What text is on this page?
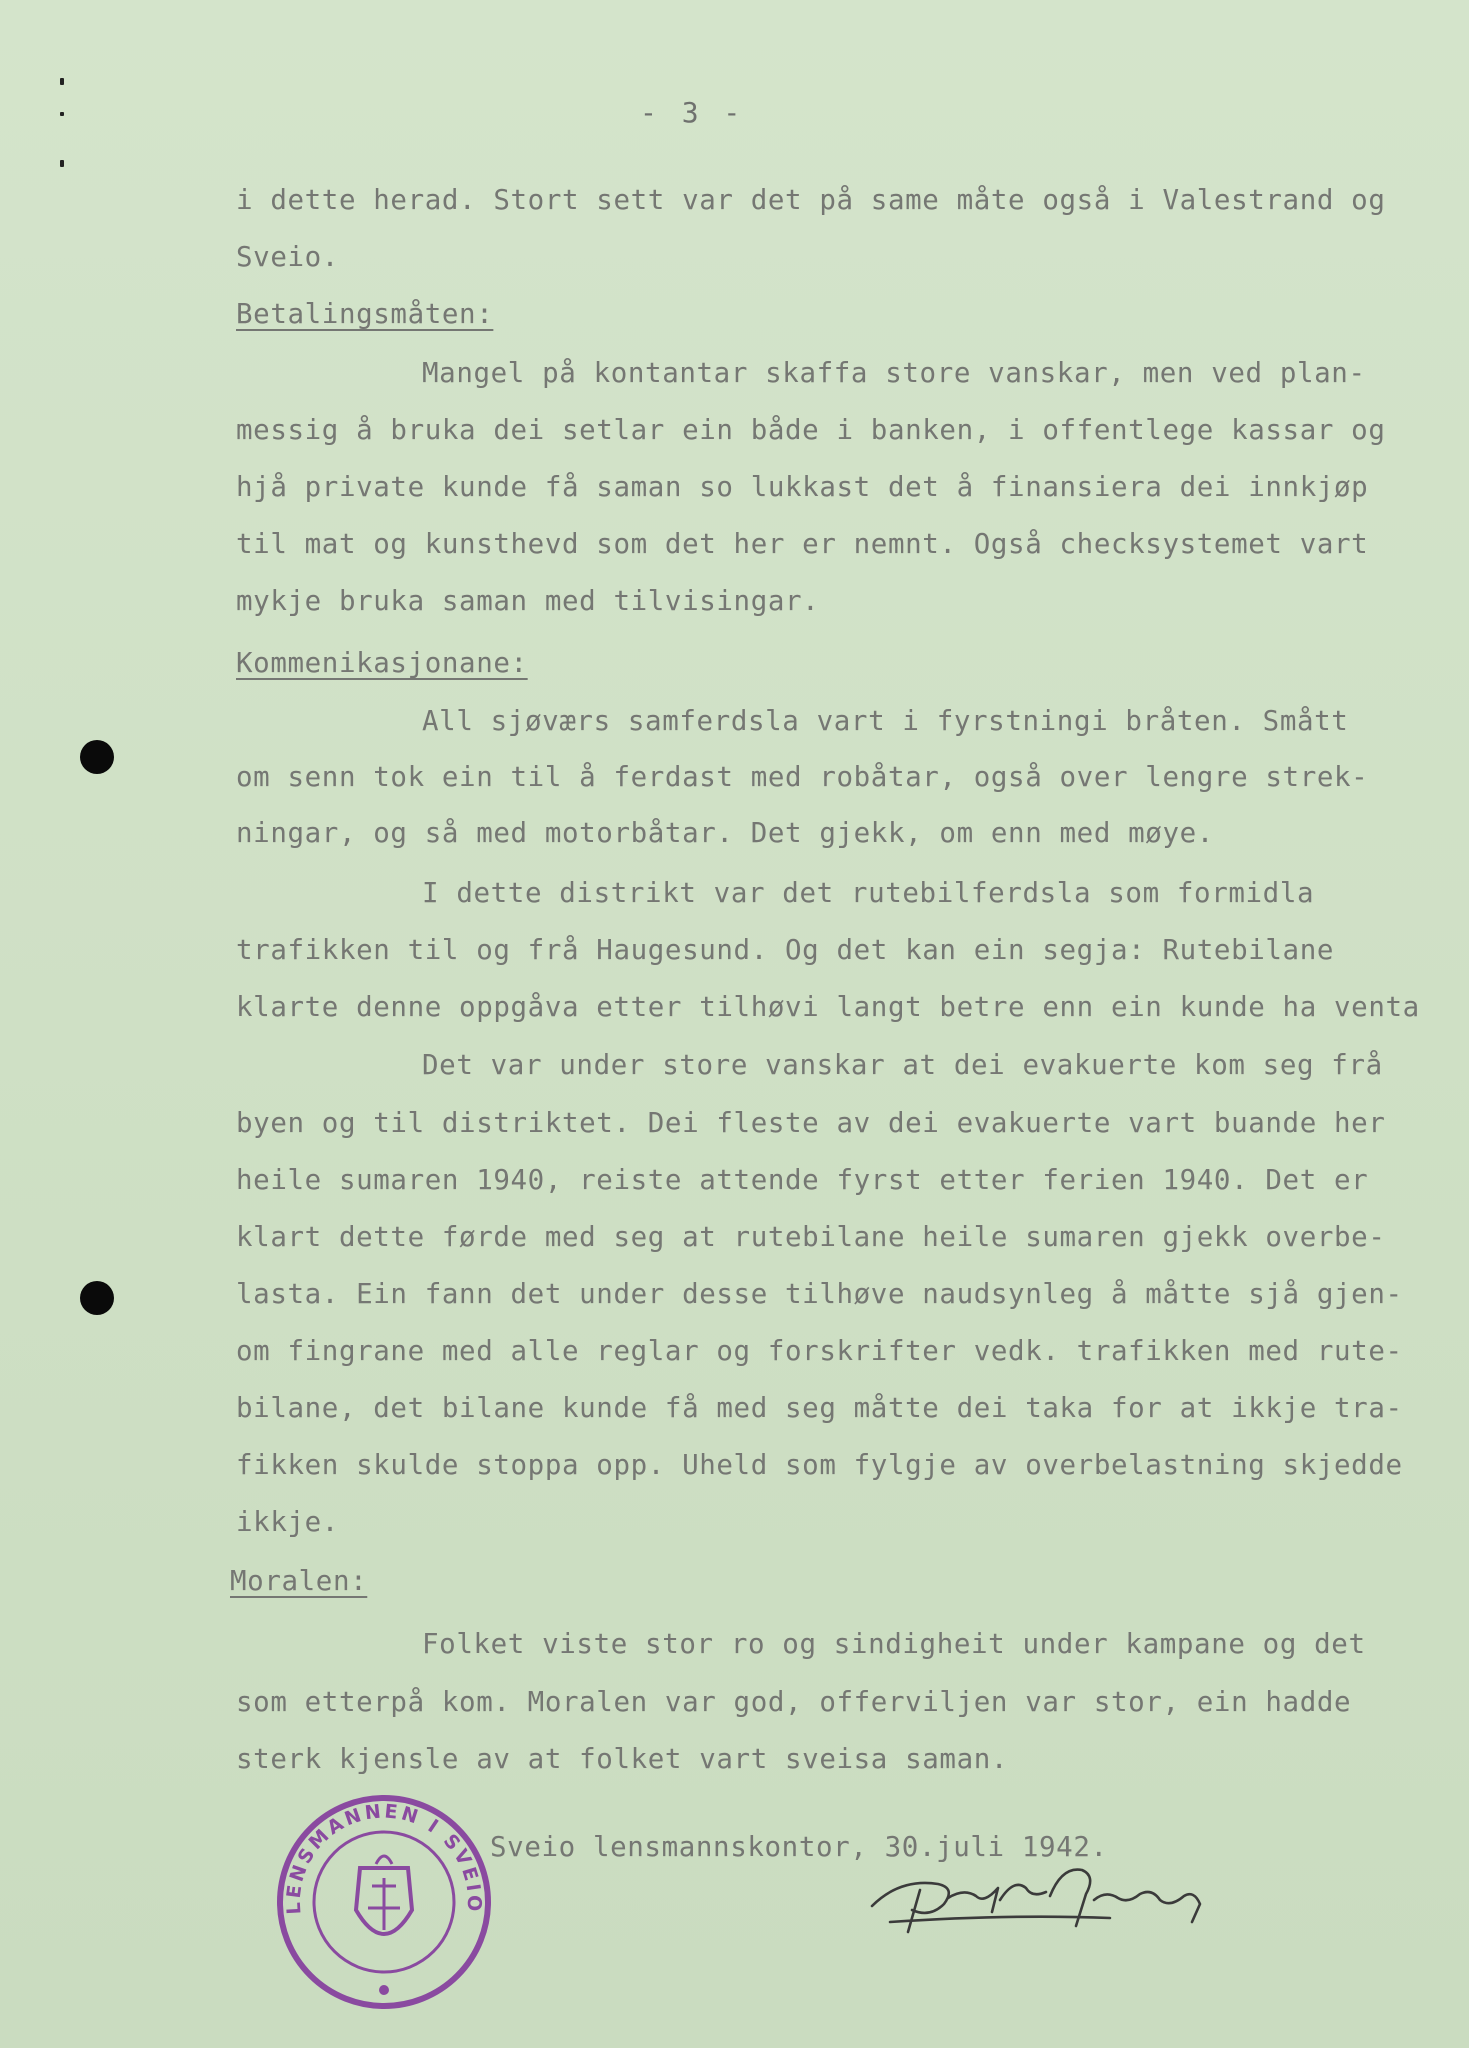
- 3 -

i dette herad. Stort sett var det på same måte også i Valestrand og

Sveio.

Betalingsmåten:

Mangel på kontantar skaffa store vanskar, men ved plan-

messig å bruka dei setlar ein både i banken, i offentlege kassar og

hjå private kunde få saman so lukkast det å finansiera dei innkjøp

til mat og kunsthevd som det her er nemnt. Også checksystemet vart

mykje bruka saman med tilvisingar.

Kommenikasjonane:

All sjøværs samferdsla vart i fyrstningi bråten. Smått

om senn tok ein til å ferdast med robåtar, også over lengre strek-

ningar, og så med motorbåtar. Det gjekk, om enn med møye.

I dette distrikt var det rutebilferdsla som formidla

trafikken til og frå Haugesund. Og det kan ein segja: Rutebilane

klarte denne oppgåva etter tilhøvi langt betre enn ein kunde ha venta

Det var under store vanskar at dei evakuerte kom seg frå

byen og til distriktet. Dei fleste av dei evakuerte vart buande her

heile sumaren 1940, reiste attende fyrst etter ferien 1940. Det er

klart dette førde med seg at rutebilane heile sumaren gjekk overbe-

lasta. Ein fann det under desse tilhøve naudsynleg å måtte sjå gjen-

om fingrane med alle reglar og forskrifter vedk. trafikken med rute-

bilane, det bilane kunde få med seg måtte dei taka for at ikkje tra-

fikken skulde stoppa opp. Uheld som fylgje av overbelastning skjedde

ikkje.

Moralen:

Folket viste stor ro og sindigheit under kampane og det

som etterpå kom. Moralen var god, offerviljen var stor, ein hadde

sterk kjensle av at folket vart sveisa saman.

Sveio lensmannskontor, 30.juli 1942.

LENSMANNEN I SVEIO
